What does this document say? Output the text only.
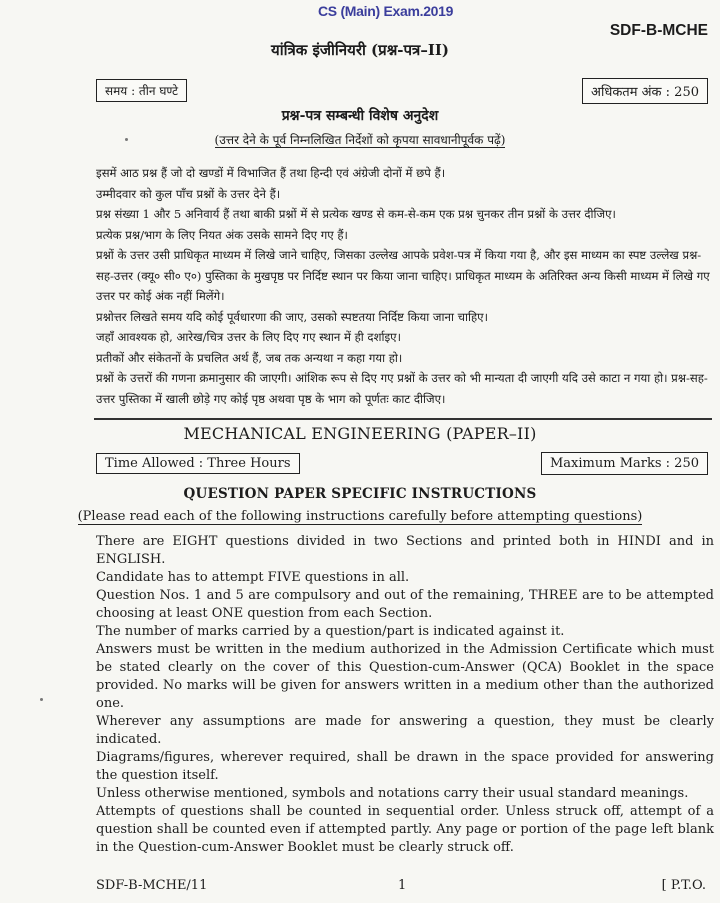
CS (Main) Exam.2019
SDF-B-MCHE
यांत्रिक इंजीनियरी (प्रश्न-पत्र–II)
समय : तीन घण्टे	अधिकतम अंक : 250
प्रश्न-पत्र सम्बन्धी विशेष अनुदेश
(उत्तर देने के पूर्व निम्नलिखित निर्देशों को कृपया सावधानीपूर्वक पढ़ें)

इसमें आठ प्रश्न हैं जो दो खण्डों में विभाजित हैं तथा हिन्दी एवं अंग्रेजी दोनों में छपे हैं।

उम्मीदवार को कुल पाँच प्रश्नों के उत्तर देने हैं।

प्रश्न संख्या 1 और 5 अनिवार्य हैं तथा बाकी प्रश्नों में से प्रत्येक खण्ड से कम-से-कम एक प्रश्न चुनकर तीन प्रश्नों के उत्तर दीजिए।

प्रत्येक प्रश्न/भाग के लिए नियत अंक उसके सामने दिए गए हैं।

प्रश्नों के उत्तर उसी प्राधिकृत माध्यम में लिखे जाने चाहिए, जिसका उल्लेख आपके प्रवेश-पत्र में किया गया है, और इस माध्यम का स्पष्ट उल्लेख प्रश्न-सह-उत्तर (क्यू० सी० ए०) पुस्तिका के मुखपृष्ठ पर निर्दिष्ट स्थान पर किया जाना चाहिए। प्राधिकृत माध्यम के अतिरिक्त अन्य किसी माध्यम में लिखे गए उत्तर पर कोई अंक नहीं मिलेंगे।

प्रश्नोत्तर लिखते समय यदि कोई पूर्वधारणा की जाए, उसको स्पष्टतया निर्दिष्ट किया जाना चाहिए।

जहाँ आवश्यक हो, आरेख/चित्र उत्तर के लिए दिए गए स्थान में ही दर्शाइए।

प्रतीकों और संकेतनों के प्रचलित अर्थ हैं, जब तक अन्यथा न कहा गया हो।

प्रश्नों के उत्तरों की गणना क्रमानुसार की जाएगी। आंशिक रूप से दिए गए प्रश्नों के उत्तर को भी मान्यता दी जाएगी यदि उसे काटा न गया हो। प्रश्न-सह-उत्तर पुस्तिका में खाली छोड़े गए कोई पृष्ठ अथवा पृष्ठ के भाग को पूर्णतः काट दीजिए।

MECHANICAL ENGINEERING (PAPER–II)
Time Allowed : Three Hours	Maximum Marks : 250
QUESTION PAPER SPECIFIC INSTRUCTIONS
(Please read each of the following instructions carefully before attempting questions)

There are EIGHT questions divided in two Sections and printed both in HINDI and in ENGLISH.

Candidate has to attempt FIVE questions in all.

Question Nos. 1 and 5 are compulsory and out of the remaining, THREE are to be attempted choosing at least ONE question from each Section.

The number of marks carried by a question/part is indicated against it.

Answers must be written in the medium authorized in the Admission Certificate which must be stated clearly on the cover of this Question-cum-Answer (QCA) Booklet in the space provided. No marks will be given for answers written in a medium other than the authorized one.

Wherever any assumptions are made for answering a question, they must be clearly indicated.

Diagrams/figures, wherever required, shall be drawn in the space provided for answering the question itself.

Unless otherwise mentioned, symbols and notations carry their usual standard meanings.

Attempts of questions shall be counted in sequential order. Unless struck off, attempt of a question shall be counted even if attempted partly. Any page or portion of the page left blank in the Question-cum-Answer Booklet must be clearly struck off.

SDF-B-MCHE/11	1	[ P.T.O.
